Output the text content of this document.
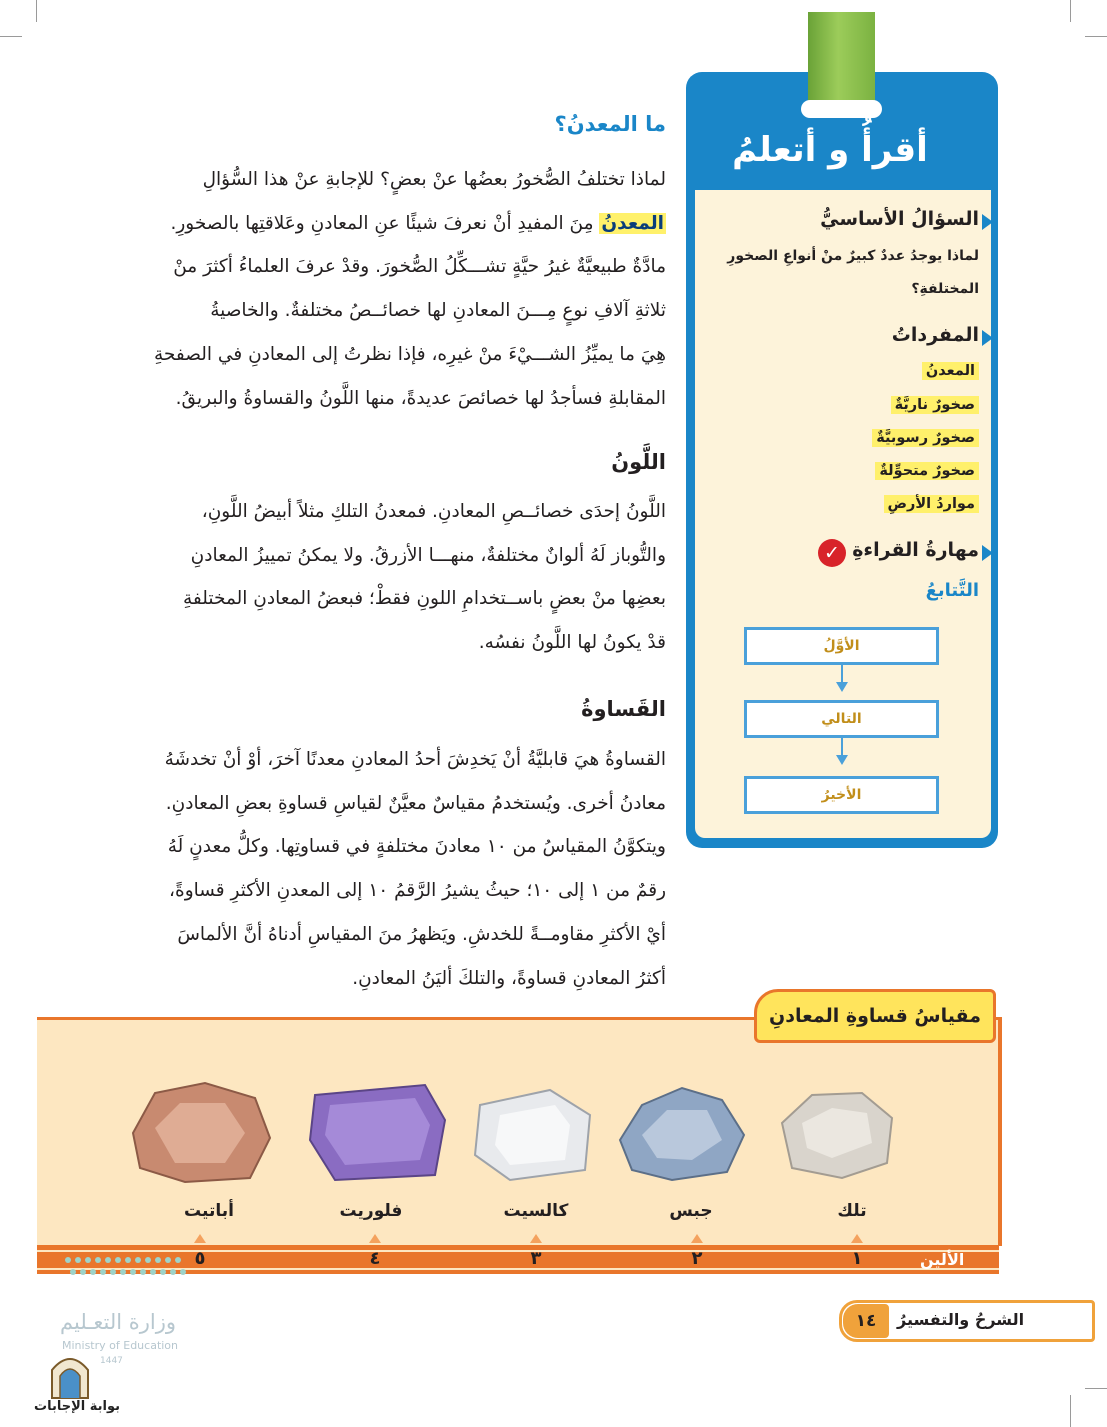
ما المعدنُ؟
لماذا تختلفُ الصُّخورُ بعضُها عنْ بعضٍ؟ للإجابةِ عنْ هذا السُّؤالِ
المعدنُ مِنَ المفيدِ أنْ نعرفَ شيئًا عنِ المعادنِ وعَلاقتِها بالصخورِ.
مادَّةٌ طبيعيَّةٌ غيرُ حيَّةٍ تشـــكِّلُ الصُّخورَ. وقدْ عرفَ العلماءُ أكثرَ منْ
ثلاثةِ آلافِ نوعٍ مِـــنَ المعادنِ لها خصائــصُ مختلفةٌ. والخاصيةُ
هِيَ ما يميِّزُ الشـــيْءَ منْ غيرِه، فإذا نظرتُ إلى المعادنِ في الصفحةِ
المقابلةِ فسأجدُ لها خصائصَ عديدةً، منها اللَّونُ والقساوةُ والبريقُ.
اللَّونُ
اللَّونُ إحدَى خصائــصِ المعادنِ. فمعدنُ التلكِ مثلاً أبيضُ اللَّونِ،
والتُّوباز لَهُ ألوانٌ مختلفةٌ، منهـــا الأزرقُ. ولا يمكنُ تمييزُ المعادنِ
بعضِها منْ بعضٍ باســتخدامِ اللونِ فقطْ؛ فبعضُ المعادنِ المختلفةِ
قدْ يكونُ لها اللَّونُ نفسُه.
القَساوةُ
القساوةُ هيَ قابليَّةُ أنْ يَخدِشَ أحدُ المعادنِ معدنًا آخرَ، أوْ أنْ تخدشَهُ
معادنُ أخرى. ويُستخدمُ مقياسٌ معيَّنٌ لقياسِ قساوةِ بعضِ المعادنِ.
ويتكوَّنُ المقياسُ من ١٠ معادنَ مختلفةٍ في قساوتِها. وكلُّ معدنٍ لَهُ
رقمٌ من ١ إلى ١٠؛ حيثُ يشيرُ الرَّقمُ ١٠ إلى المعدنِ الأكثرِ قساوةً،
أيْ الأكثرِ مقاومــةً للخدشِ. ويَظهرُ منَ المقياسِ أدناهُ أنَّ الألماسَ
أكثرُ المعادنِ قساوةً، والتلكَ أليَنُ المعادنِ.
أقرأُ و أتعلمُ
السؤالُ الأساسيُّ
لماذا يوجدُ عددٌ كبيرٌ منْ أنواعِ الصخورِ المختلفةِ؟
المفرداتُ
المعدنُ
صخورٌ ناريَّةٌ
صخورٌ رسوبيَّةٌ
صخورٌ متحوِّلةٌ
مواردُ الأرضِ
مهارةُ القراءةِ
✓
التَّتابعُ
الأوَّلُ
التالي
الأخيرُ
مقياسُ قساوةِ المعادنِ
تلك
جبس
كالسيت
فلوريت
أباتيت
الألين
١
٢
٣
٤
٥
١٤	الشرحُ والتفسيرُ
وزارة التعـليم
Ministry of Education
1447
بوابة الإجابات
